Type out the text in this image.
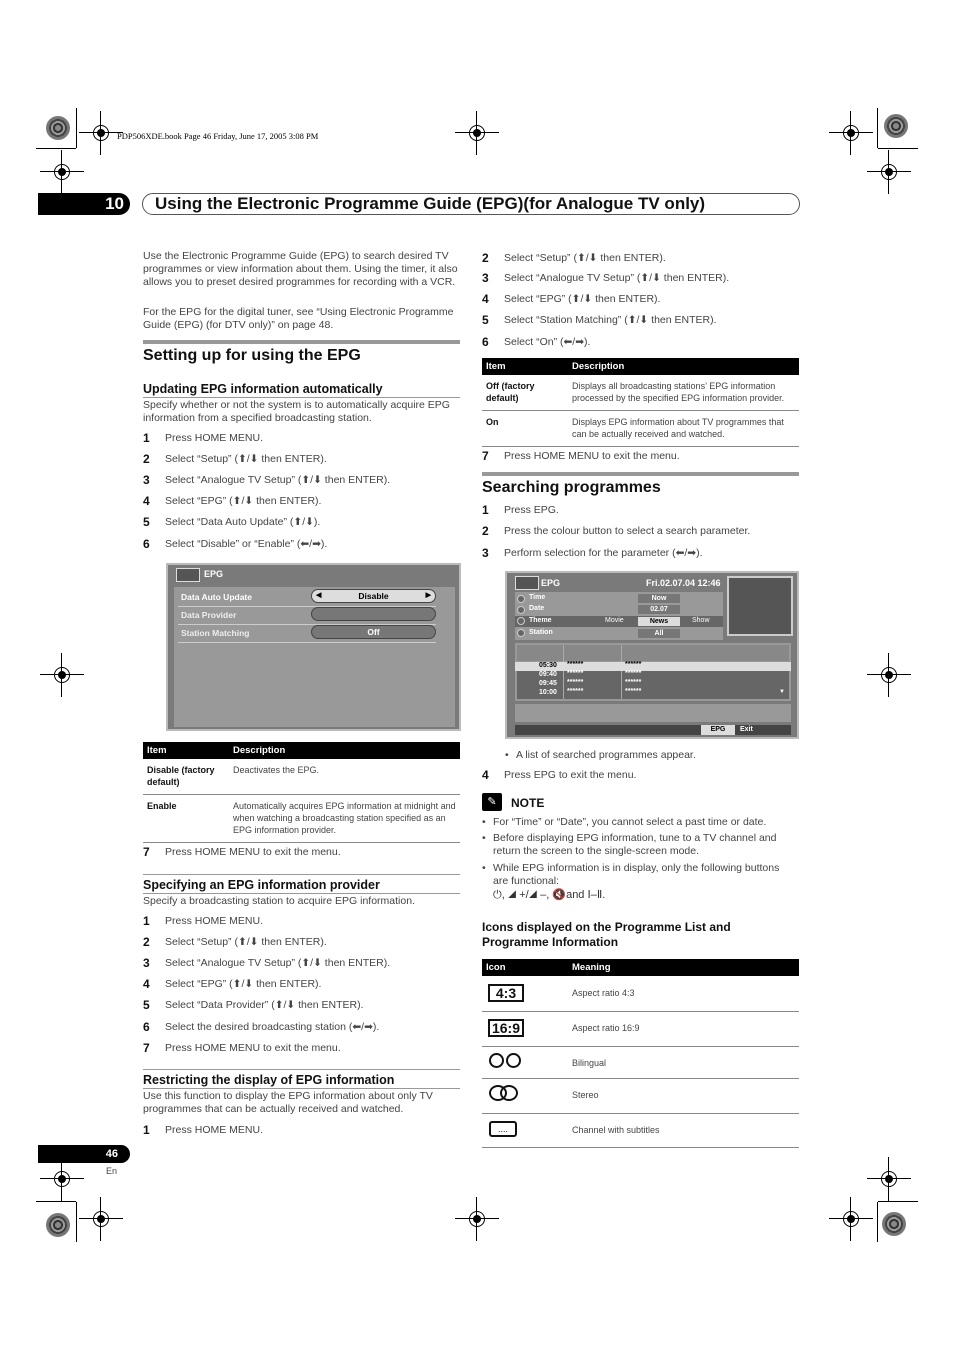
PDP506XDE.book Page 46 Friday, June 17, 2005 3:08 PM
10	Using the Electronic Programme Guide (EPG)(for Analogue TV only)
Use the Electronic Programme Guide (EPG) to search desired TV programmes or view information about them. Using the timer, it also allows you to preset desired programmes for recording with a VCR.
For the EPG for the digital tuner, see “Using Electronic Programme Guide (EPG) (for DTV only)” on page 48.
Setting up for using the EPG
Updating EPG information automatically
Specify whether or not the system is to automatically acquire EPG information from a specified broadcasting station.
1 Press HOME MENU.
2 Select “Setup” (⬆/⬇ then ENTER).
3 Select “Analogue TV Setup” (⬆/⬇ then ENTER).
4 Select “EPG” (⬆/⬇ then ENTER).
5 Select “Data Auto Update” (⬆/⬇).
6 Select “Disable” or “Enable” (⬅/➡).
EPG
Data Auto Update	◀	Disable	▶
Data Provider
Station Matching	Off
Item	Description
Disable (factory default)	Deactivates the EPG.
Enable	Automatically acquires EPG information at midnight and when watching a broadcasting station specified as an EPG information provider.
7 Press HOME MENU to exit the menu.
Specifying an EPG information provider
Specify a broadcasting station to acquire EPG information.
1 Press HOME MENU.
2 Select “Setup” (⬆/⬇ then ENTER).
3 Select “Analogue TV Setup” (⬆/⬇ then ENTER).
4 Select “EPG” (⬆/⬇ then ENTER).
5 Select “Data Provider” (⬆/⬇ then ENTER).
6 Select the desired broadcasting station (⬅/➡).
7 Press HOME MENU to exit the menu.
Restricting the display of EPG information
Use this function to display the EPG information about only TV programmes that can be actually received and watched.
1 Press HOME MENU.
46
En
2 Select “Setup” (⬆/⬇ then ENTER).
3 Select “Analogue TV Setup” (⬆/⬇ then ENTER).
4 Select “EPG” (⬆/⬇ then ENTER).
5 Select “Station Matching” (⬆/⬇ then ENTER).
6 Select “On” (⬅/➡).
Item	Description
Off (factory default)	Displays all broadcasting stations’ EPG information processed by the specified EPG information provider.
On	Displays EPG information about TV programmes that can be actually received and watched.
7 Press HOME MENU to exit the menu.
Searching programmes
1 Press EPG.
2 Press the colour button to select a search parameter.
3 Perform selection for the parameter (⬅/➡).
EPG	Fri.02.07.04 12:46
Time	Now
Date	02.07
Theme	Movie	News	Show
Station	All
05:30 ******	******
09:40 ******	******
09:45 ******	******
10:00 ******	******	▼
EPG	Exit
• A list of searched programmes appear.
4 Press EPG to exit the menu.
✎	NOTE
• For “Time” or “Date”, you cannot select a past time or date.
• Before displaying EPG information, tune to a TV channel and return the screen to the single-screen mode.
• While EPG information is in display, only the following buttons are functional:
⏻, ◢ +/◢ –, 🔇and Ⅰ–Ⅱ.
Icons displayed on the Programme List and Programme Information
Icon	Meaning

4:3	Aspect ratio 4:3

16:9	Aspect ratio 16:9

	Bilingual

	Stereo

....	Channel with subtitles
